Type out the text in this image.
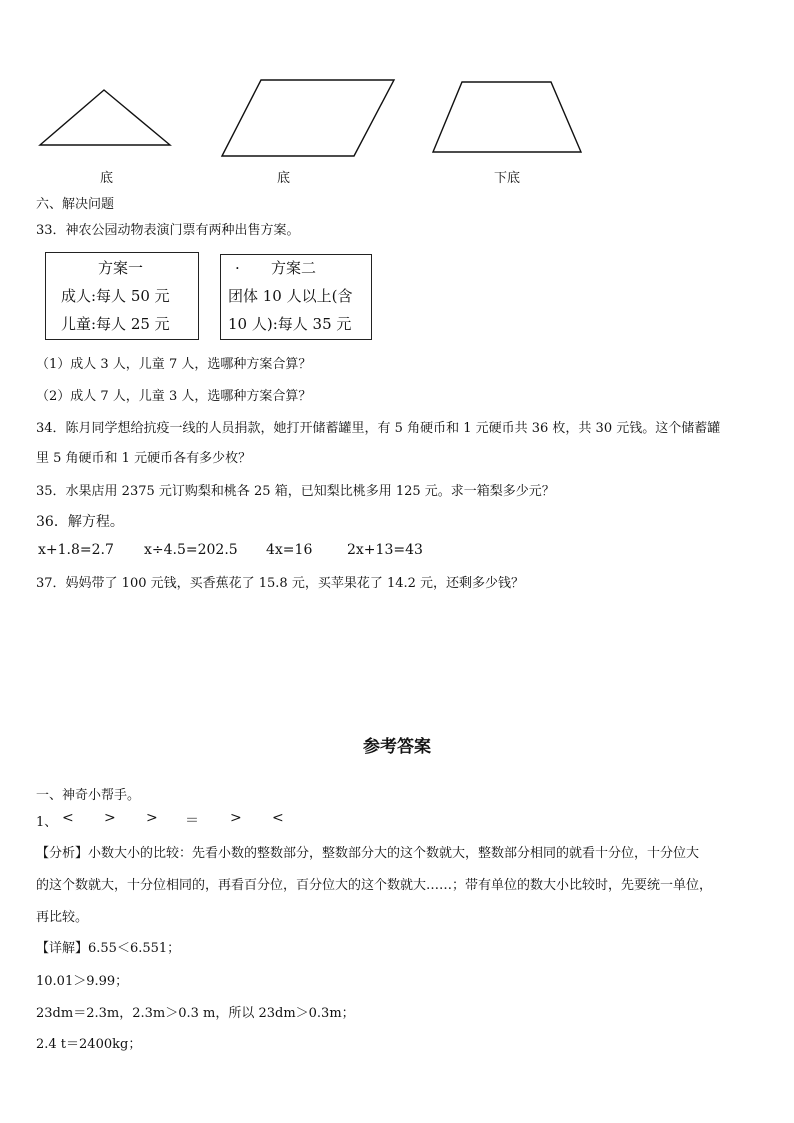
底	底	下底
六、解决问题
33．神农公园动物表演门票有两种出售方案。
方案一
成人:每人 50 元
儿童:每人 25 元
· 方案二
团体 10 人以上(含
10 人):每人 35 元
（1）成人 3 人，儿童 7 人，选哪种方案合算？
（2）成人 7 人，儿童 3 人，选哪种方案合算？
34．陈月同学想给抗疫一线的人员捐款，她打开储蓄罐里，有 5 角硬币和 1 元硬币共 36 枚，共 30 元钱。这个储蓄罐
里 5 角硬币和 1 元硬币各有多少枚？
35．水果店用 2375 元订购梨和桃各 25 箱，已知梨比桃多用 125 元。求一箱梨多少元？
36．解方程。
x+1.8=2.7 x÷4.5=202.5 4x=16 2x+13=43
37．妈妈带了 100 元钱，买香蕉花了 15.8 元，买苹果花了 14.2 元，还剩多少钱？
参考答案
一、神奇小帮手。
1、 < > > ＝ > <
【分析】小数大小的比较：先看小数的整数部分，整数部分大的这个数就大，整数部分相同的就看十分位，十分位大
的这个数就大，十分位相同的，再看百分位，百分位大的这个数就大……；带有单位的数大小比较时，先要统一单位，
再比较。
【详解】6.55＜6.551；
10.01＞9.99；
23dm＝2.3m，2.3m＞0.3 m，所以 23dm＞0.3m；
2.4 t＝2400kg；
